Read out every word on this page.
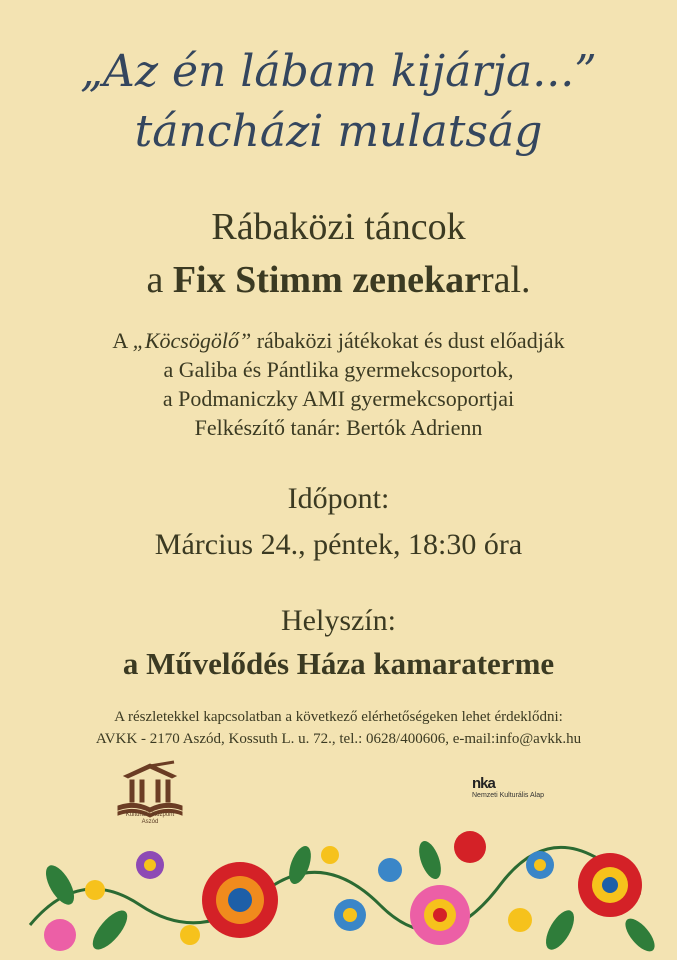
„Az én lábam kijárja...”
táncházi mulatság
Rábaközi táncok
a Fix Stimm zenekarral.
A „Köcsögölő” rábaközi játékokat és dust előadják
a Galiba és Pántlika gyermekcsoportok,
a Podmaniczky AMI gyermekcsoportjai
Felkészítő tanár: Bertók Adrienn
Időpont:
Március 24., péntek, 18:30 óra
Helyszín:
a Művelődés Háza kamaraterme
A részletekkel kapcsolatban a következő elérhetőségeken lehet érdeklődni:
AVKK - 2170 Aszód, Kossuth L. u. 72., tel.: 0628/400606, e-mail:info@avkk.hu
Kulturális Központ
Aszód
nka
Nemzeti Kulturális Alap
